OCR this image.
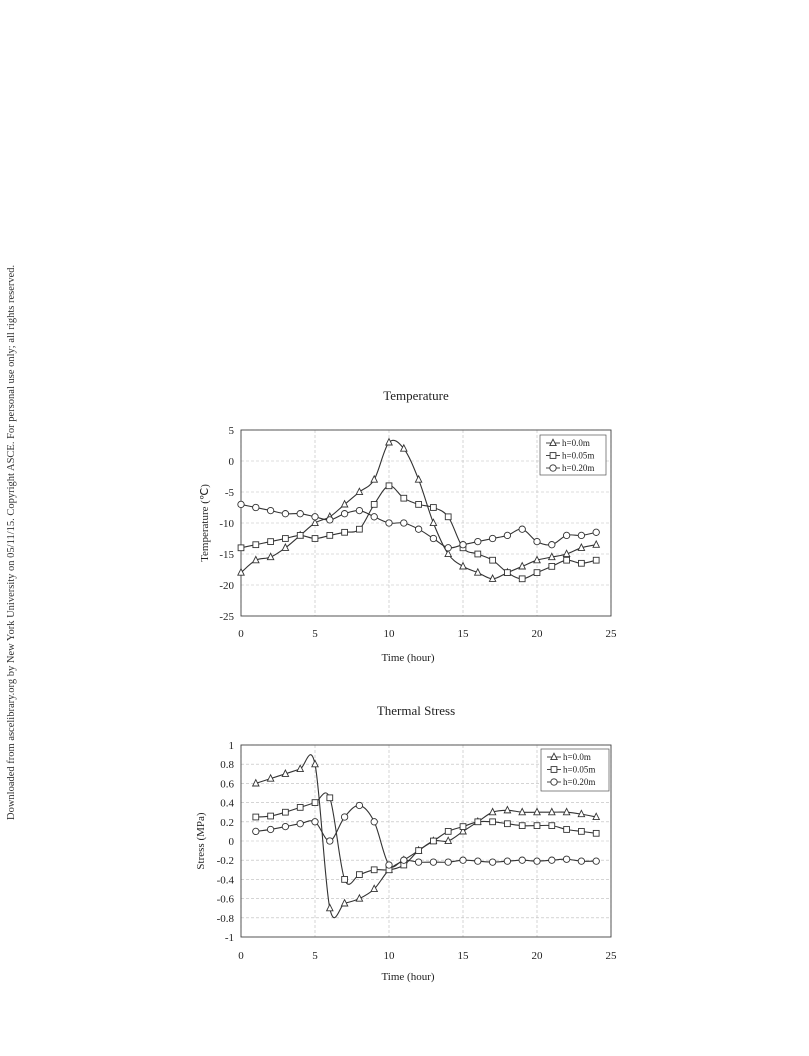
Downloaded from ascelibrary.org by New York University on 05/11/15. Copyright ASCE. For personal use only; all rights reserved.	Temperature
0	5	10	15	20	25
5
0
-5
-10
-15
-20
-25
Time (hour)
Temperature (℃)
h=0.0m
h=0.05m
h=0.20m
Thermal Stress
0	5	10	15	20	25
1
0.8
0.6
0.4
0.2
0
-0.2
-0.4
-0.6
-0.8
-1
Time (hour)
Stress (MPa)
h=0.0m
h=0.05m
h=0.20m
